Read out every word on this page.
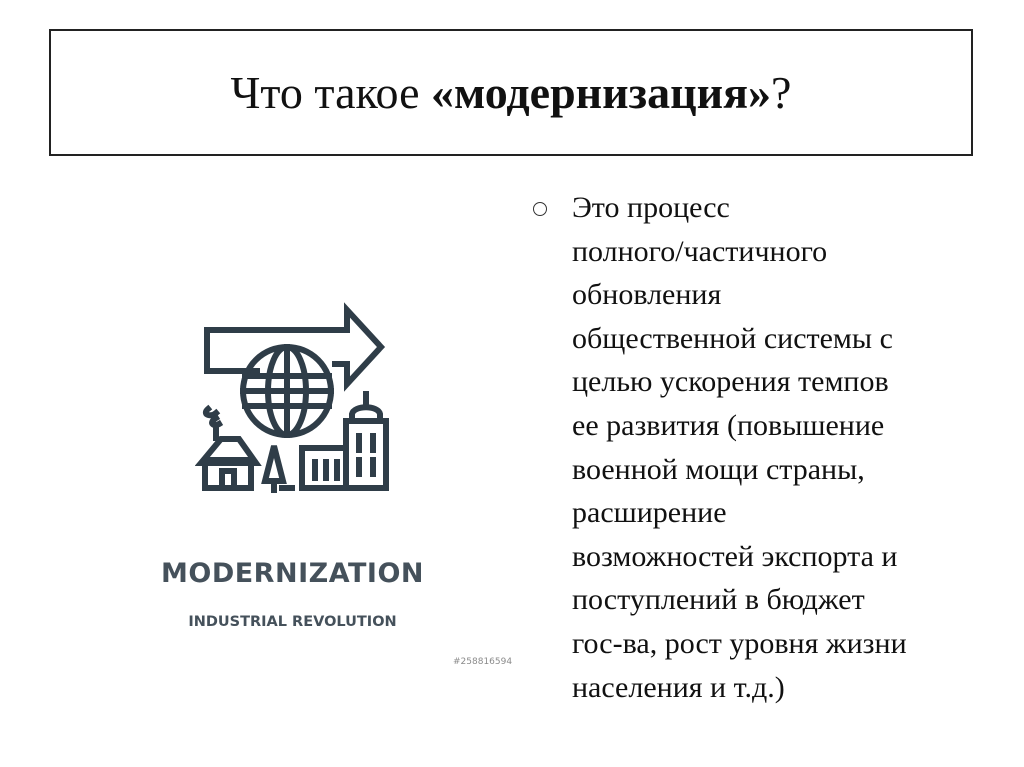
Что такое «модернизация» ?
MODERNIZATION
INDUSTRIAL REVOLUTION
#258816594

Это процесс
полного/частичного
обновления
общественной системы с
целью ускорения темпов
ее развития (повышение
военной мощи страны,
расширение
возможностей экспорта и
поступлений в бюджет
гос-ва, рост уровня жизни
населения и т.д.)
